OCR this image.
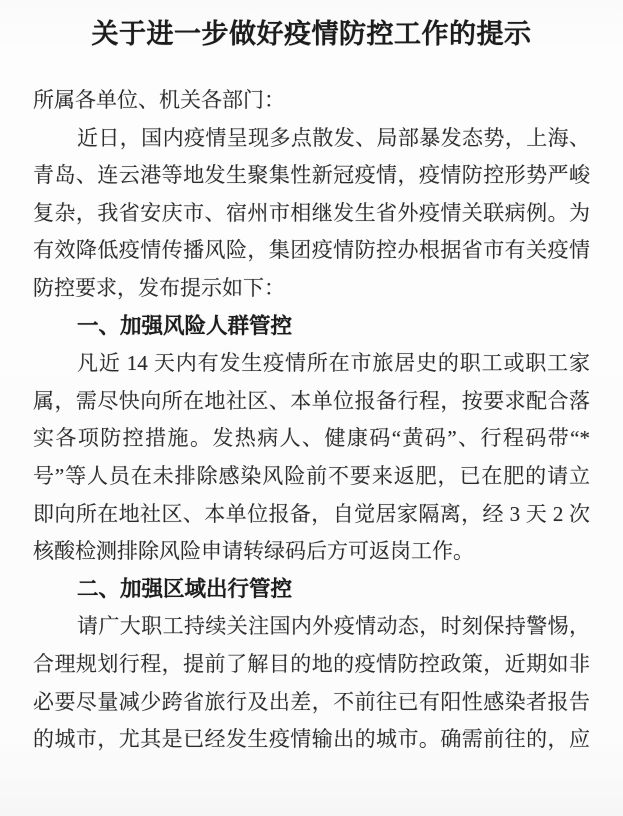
关于进一步做好疫情防控工作的提示
所属各单位、机关各部门：
近日，国内疫情呈现多点散发、局部暴发态势，上海、
青岛、连云港等地发生聚集性新冠疫情，疫情防控形势严峻
复杂，我省安庆市、宿州市相继发生省外疫情关联病例。为
有效降低疫情传播风险，集团疫情防控办根据省市有关疫情
防控要求，发布提示如下：
一、加强风险人群管控
凡近 14 天内有发生疫情所在市旅居史的职工或职工家
属，需尽快向所在地社区、本单位报备行程，按要求配合落
实各项防控措施。发热病人、健康码“黄码”、行程码带“*
号”等人员在未排除感染风险前不要来返肥，已在肥的请立
即向所在地社区、本单位报备，自觉居家隔离，经 3 天 2 次
核酸检测排除风险申请转绿码后方可返岗工作。
二、加强区域出行管控
请广大职工持续关注国内外疫情动态，时刻保持警惕，
合理规划行程，提前了解目的地的疫情防控政策，近期如非
必要尽量减少跨省旅行及出差，不前往已有阳性感染者报告
的城市，尤其是已经发生疫情输出的城市。确需前往的，应
